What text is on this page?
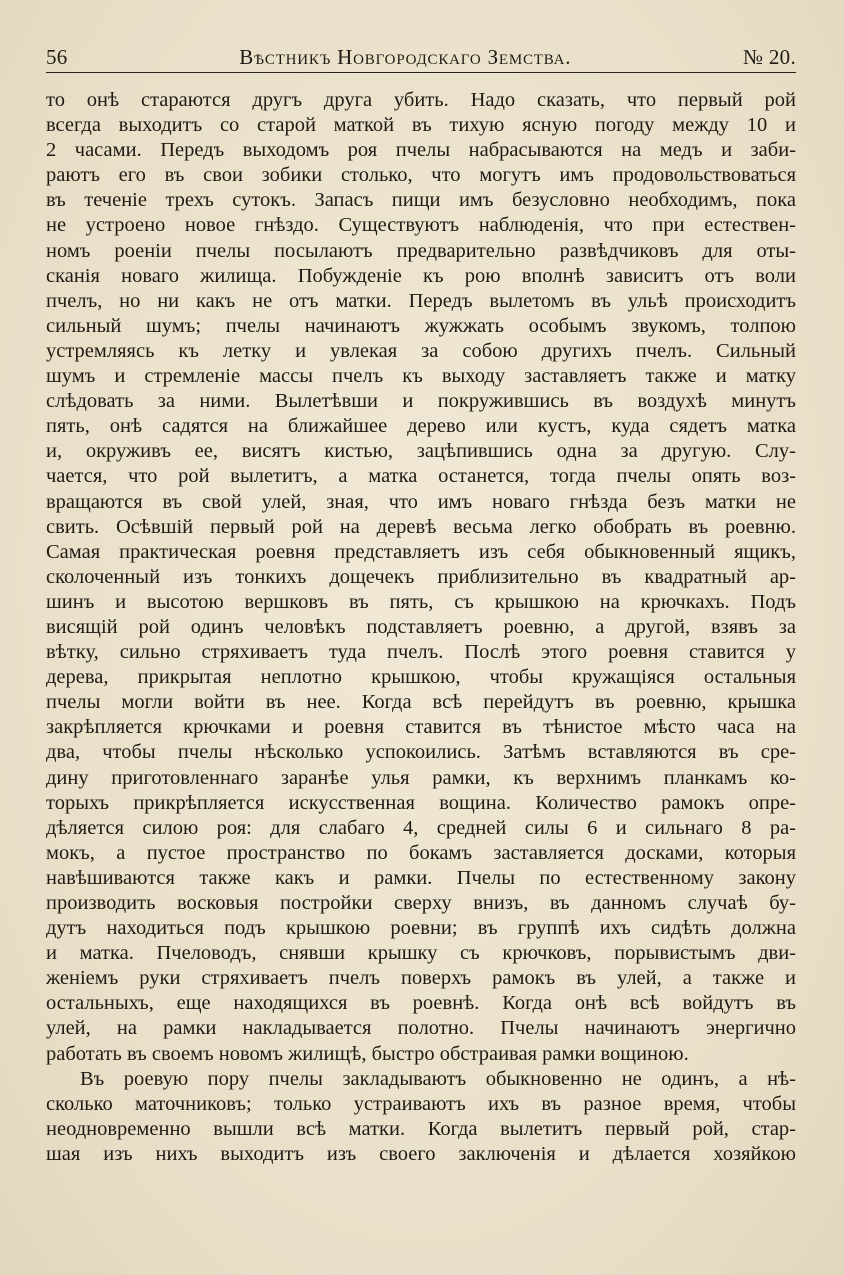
56	Вѣстникъ Новгородскаго Земства.	№ 20.
то онѣ стараются другъ друга убить. Надо сказать, что первый рой
всегда выходитъ со старой маткой въ тихую ясную погоду между 10 и
2 часами. Передъ выходомъ роя пчелы набрасываются на медъ и заби-
раютъ его въ свои зобики столько, что могутъ имъ продовольствоваться
въ теченіе трехъ сутокъ. Запасъ пищи имъ безусловно необходимъ, пока
не устроено новое гнѣздо. Существуютъ наблюденія, что при естествен-
номъ роеніи пчелы посылаютъ предварительно развѣдчиковъ для оты-
сканія новаго жилища. Побужденіе къ рою вполнѣ зависитъ отъ воли
пчелъ, но ни какъ не отъ матки. Передъ вылетомъ въ ульѣ происходитъ
сильный шумъ; пчелы начинаютъ жужжать особымъ звукомъ, толпою
устремляясь къ летку и увлекая за собою другихъ пчелъ. Сильный
шумъ и стремленіе массы пчелъ къ выходу заставляетъ также и матку
слѣдовать за ними. Вылетѣвши и покружившись въ воздухѣ минутъ
пять, онѣ садятся на ближайшее дерево или кустъ, куда сядетъ матка
и, окруживъ ее, висятъ кистью, зацѣпившись одна за другую. Слу-
чается, что рой вылетитъ, а матка останется, тогда пчелы опять воз-
вращаются въ свой улей, зная, что имъ новаго гнѣзда безъ матки не
свить. Осѣвшій первый рой на деревѣ весьма легко обобрать въ роевню.
Самая практическая роевня представляетъ изъ себя обыкновенный ящикъ,
сколоченный изъ тонкихъ дощечекъ приблизительно въ квадратный ар-
шинъ и высотою вершковъ въ пять, съ крышкою на крючкахъ. Подъ
висящій рой одинъ человѣкъ подставляетъ роевню, а другой, взявъ за
вѣтку, сильно стряхиваетъ туда пчелъ. Послѣ этого роевня ставится у
дерева, прикрытая неплотно крышкою, чтобы кружащіяся остальныя
пчелы могли войти въ нее. Когда всѣ перейдутъ въ роевню, крышка
закрѣпляется крючками и роевня ставится въ тѣнистое мѣсто часа на
два, чтобы пчелы нѣсколько успокоились. Затѣмъ вставляются въ сре-
дину приготовленнаго заранѣе улья рамки, къ верхнимъ планкамъ ко-
торыхъ прикрѣпляется искусственная вощина. Количество рамокъ опре-
дѣляется силою роя: для слабаго 4, средней силы 6 и сильнаго 8 ра-
мокъ, а пустое пространство по бокамъ заставляется досками, которыя
навѣшиваются также какъ и рамки. Пчелы по естественному закону
производить восковыя постройки сверху внизъ, въ данномъ случаѣ бу-
дутъ находиться подъ крышкою роевни; въ группѣ ихъ сидѣть должна
и матка. Пчеловодъ, снявши крышку съ крючковъ, порывистымъ дви-
женіемъ руки стряхиваетъ пчелъ поверхъ рамокъ въ улей, а также и
остальныхъ, еще находящихся въ роевнѣ. Когда онѣ всѣ войдутъ въ
улей, на рамки накладывается полотно. Пчелы начинаютъ энергично
работать въ своемъ новомъ жилищѣ, быстро обстраивая рамки вощиною.
Въ роевую пору пчелы закладываютъ обыкновенно не одинъ, а нѣ-
сколько маточниковъ; только устраиваютъ ихъ въ разное время, чтобы
неодновременно вышли всѣ матки. Когда вылетитъ первый рой, стар-
шая изъ нихъ выходитъ изъ своего заключенія и дѣлается хозяйкою
